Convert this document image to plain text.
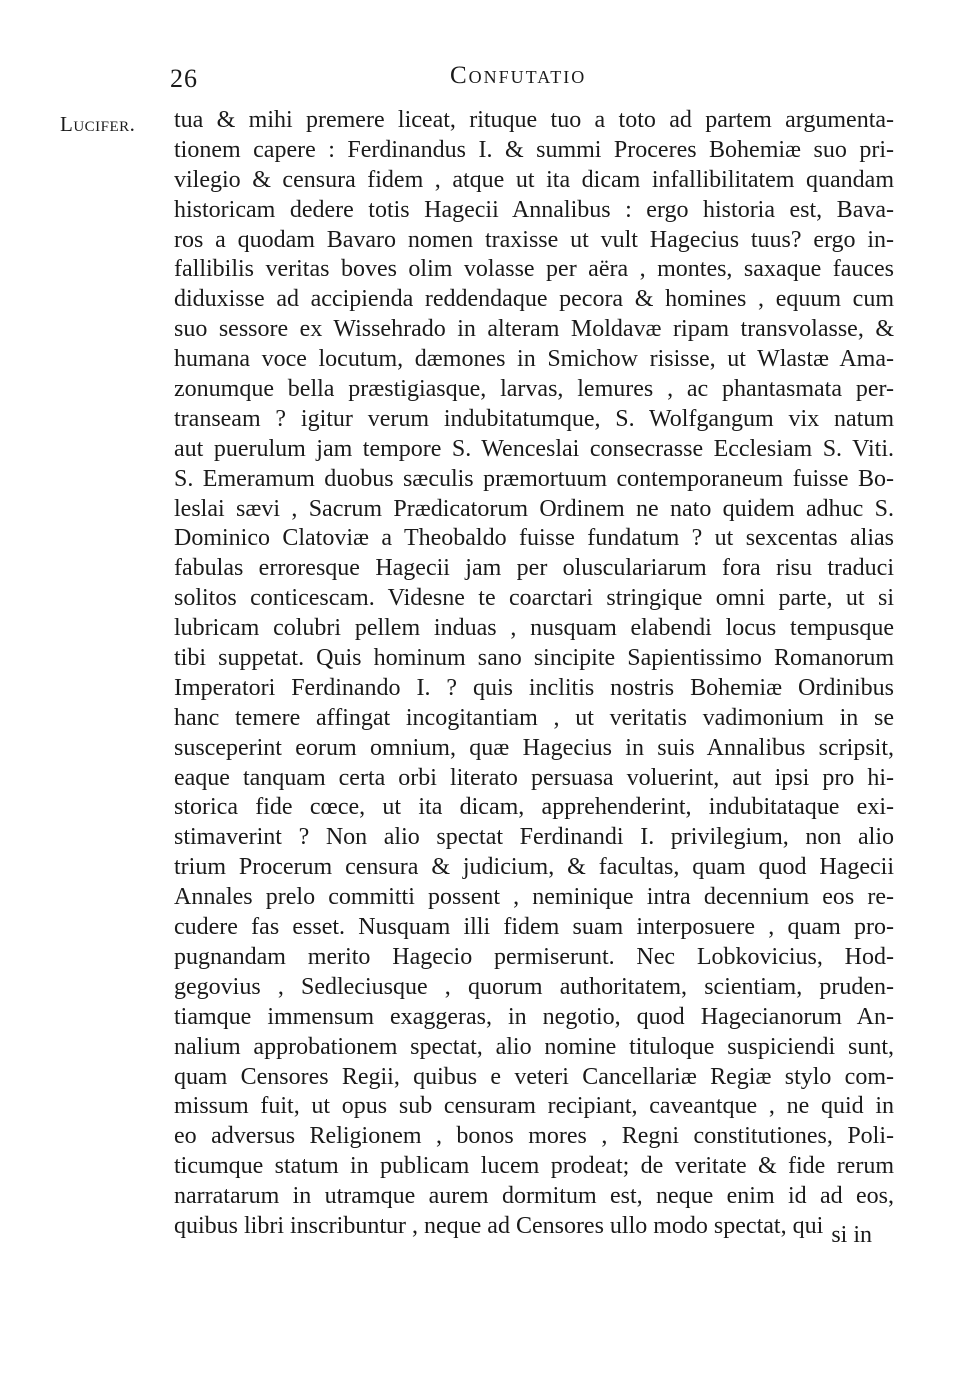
26	Confutatio
Lucifer. tua & mihi premere liceat, rituque tuo a toto ad partem argumenta-
tionem capere : Ferdinandus I. & summi Proceres Bohemiæ suo pri-
vilegio & censura fidem , atque ut ita dicam infallibilitatem quandam
historicam dedere totis Hagecii Annalibus : ergo historia est, Bava-
ros a quodam Bavaro nomen traxisse ut vult Hagecius tuus? ergo in-
fallibilis veritas boves olim volasse per aëra , montes, saxaque fauces
diduxisse ad accipienda reddendaque pecora & homines , equum cum
suo sessore ex Wissehrado in alteram Moldavæ ripam transvolasse, &
humana voce locutum, dæmones in Smichow risisse, ut Wlastæ Ama-
zonumque bella præstigiasque, larvas, lemures , ac phantasmata per-
transeam ? igitur verum indubitatumque, S. Wolfgangum vix natum
aut puerulum jam tempore S. Wenceslai consecrasse Ecclesiam S. Viti.
S. Emeramum duobus sæculis præmortuum contemporaneum fuisse Bo-
leslai sævi , Sacrum Prædicatorum Ordinem ne nato quidem adhuc S.
Dominico Clatoviæ a Theobaldo fuisse fundatum ? ut sexcentas alias
fabulas erroresque Hagecii jam per olusculariarum fora risu traduci
solitos conticescam. Videsne te coarctari stringique omni parte, ut si
lubricam colubri pellem induas , nusquam elabendi locus tempusque
tibi suppetat. Quis hominum sano sincipite Sapientissimo Romanorum
Imperatori Ferdinando I. ? quis inclitis nostris Bohemiæ Ordinibus
hanc temere affingat incogitantiam , ut veritatis vadimonium in se
susceperint eorum omnium, quæ Hagecius in suis Annalibus scripsit,
eaque tanquam certa orbi literato persuasa voluerint, aut ipsi pro hi-
storica fide cœce, ut ita dicam, apprehenderint, indubitataque exi-
stimaverint ? Non alio spectat Ferdinandi I. privilegium, non alio
trium Procerum censura & judicium, & facultas, quam quod Hagecii
Annales prelo committi possent , neminique intra decennium eos re-
cudere fas esset. Nusquam illi fidem suam interposuere , quam pro-
pugnandam merito Hagecio permiserunt. Nec Lobkovicius, Hod-
gegovius , Sedleciusque , quorum authoritatem, scientiam, pruden-
tiamque immensum exaggeras, in negotio, quod Hagecianorum An-
nalium approbationem spectat, alio nomine tituloque suspiciendi sunt,
quam Censores Regii, quibus e veteri Cancellariæ Regiæ stylo com-
missum fuit, ut opus sub censuram recipiant, caveantque , ne quid in
eo adversus Religionem , bonos mores , Regni constitutiones, Poli-
ticumque statum in publicam lucem prodeat; de veritate & fide rerum
narratarum in utramque aurem dormitum est, neque enim id ad eos,
quibus libri inscribuntur , neque ad Censores ullo modo spectat, qui si in
